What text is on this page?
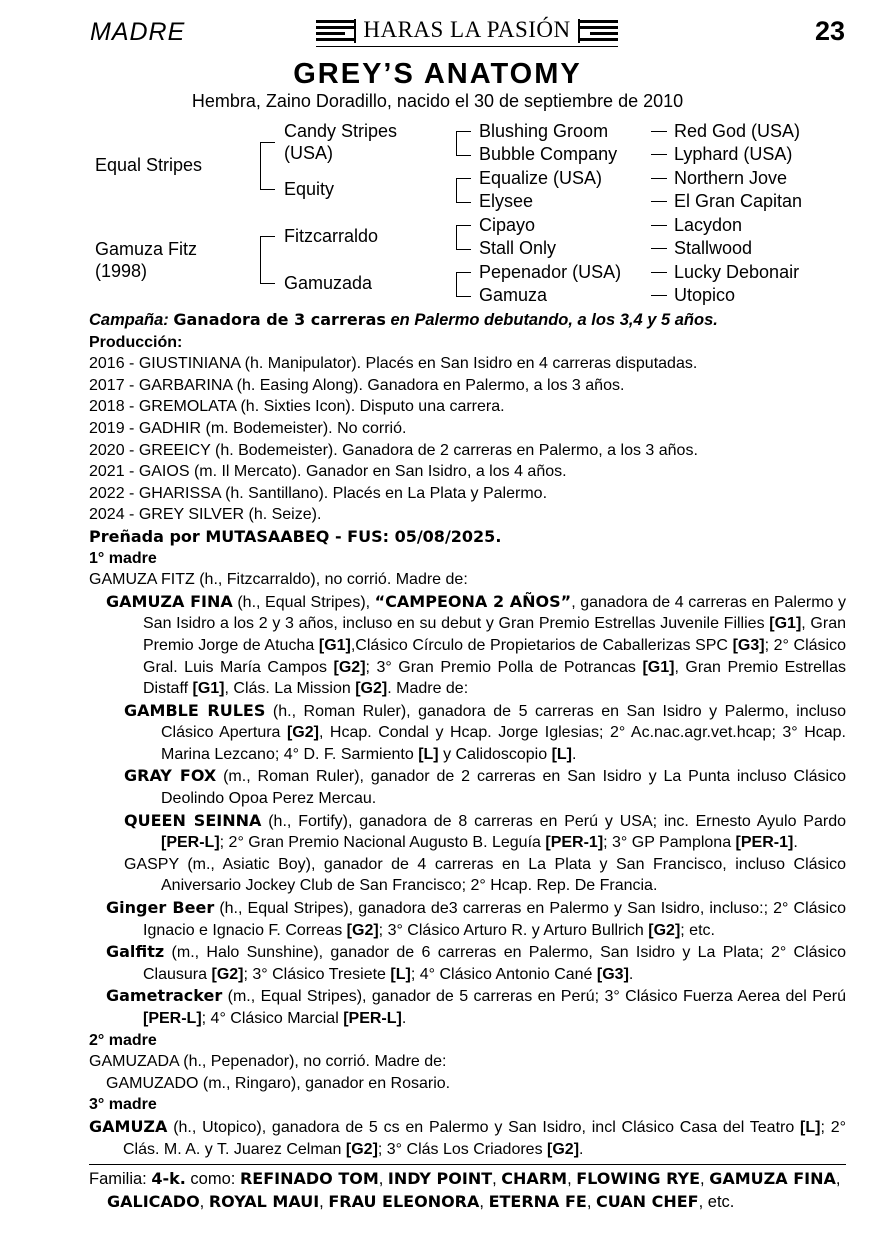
MADRE	HARAS LA PASIÓN	23
GREY’S ANATOMY
Hembra, Zaino Doradillo, nacido el 30 de septiembre de 2010
Equal Stripes
Gamuza Fitz
(1998)
Candy Stripes
(USA)
Equity
Fitzcarraldo
Gamuzada
Blushing Groom
Bubble Company
Equalize (USA)
Elysee
Cipayo
Stall Only
Pepenador (USA)
Gamuza
Red God (USA)
Lyphard (USA)
Northern Jove
El Gran Capitan
Lacydon
Stallwood
Lucky Debonair
Utopico

Campaña: Ganadora de 3 carreras en Palermo debutando, a los 3,4 y 5 años.

Producción:

2016 - GIUSTINIANA (h. Manipulator). Placés en San Isidro en 4 carreras disputadas.

2017 - GARBARINA (h. Easing Along). Ganadora en Palermo, a los 3 años.

2018 - GREMOLATA (h. Sixties Icon). Disputo una carrera.

2019 - GADHIR (m. Bodemeister). No corrió.

2020 - GREEICY (h. Bodemeister). Ganadora de 2 carreras en Palermo, a los 3 años.

2021 - GAIOS (m. Il Mercato). Ganador en San Isidro, a los 4 años.

2022 - GHARISSA (h. Santillano). Placés en La Plata y Palermo.

2024 - GREY SILVER (h. Seize).

Preñada por MUTASAABEQ - FUS: 05/08/2025.

1° madre

GAMUZA FITZ (h., Fitzcarraldo), no corrió. Madre de:

GAMUZA FINA (h., Equal Stripes), “CAMPEONA 2 AÑOS”, ganadora de 4 carreras en Palermo y San Isidro a los 2 y 3 años, incluso en su debut y Gran Premio Estrellas Juvenile Fillies [G1], Gran Premio Jorge de Atucha [G1],Clásico Círculo de Propietarios de Caballerizas SPC [G3]; 2° Clásico Gral. Luis María Campos [G2]; 3° Gran Premio Polla de Potrancas [G1], Gran Premio Estrellas Distaff [G1], Clás. La Mission [G2]. Madre de:

GAMBLE RULES (h., Roman Ruler), ganadora de 5 carreras en San Isidro y Palermo, incluso Clásico Apertura [G2], Hcap. Condal y Hcap. Jorge Iglesias; 2° Ac.nac.agr.vet.hcap; 3° Hcap. Marina Lezcano; 4° D. F. Sarmiento [L] y Calidoscopio [L].

GRAY FOX (m., Roman Ruler), ganador de 2 carreras en San Isidro y La Punta incluso Clásico Deolindo Opoa Perez Mercau.

QUEEN SEINNA (h., Fortify), ganadora de 8 carreras en Perú y USA; inc. Ernesto Ayulo Pardo [PER-L]; 2° Gran Premio Nacional Augusto B. Leguía [PER-1]; 3° GP Pamplona [PER-1].

GASPY (m., Asiatic Boy), ganador de 4 carreras en La Plata y San Francisco, incluso Clásico Aniversario Jockey Club de San Francisco; 2° Hcap. Rep. De Francia.

Ginger Beer (h., Equal Stripes), ganadora de3 carreras en Palermo y San Isidro, incluso:; 2° Clásico Ignacio e Ignacio F. Correas [G2]; 3° Clásico Arturo R. y Arturo Bullrich [G2]; etc.

Galfitz (m., Halo Sunshine), ganador de 6 carreras en Palermo, San Isidro y La Plata; 2° Clásico Clausura [G2]; 3° Clásico Tresiete [L]; 4° Clásico Antonio Cané [G3].

Gametracker (m., Equal Stripes), ganador de 5 carreras en Perú; 3° Clásico Fuerza Aerea del Perú [PER-L]; 4° Clásico Marcial [PER-L].

2° madre

GAMUZADA (h., Pepenador), no corrió. Madre de:

GAMUZADO (m., Ringaro), ganador en Rosario.

3° madre

GAMUZA (h., Utopico), ganadora de 5 cs en Palermo y San Isidro, incl Clásico Casa del Teatro [L]; 2° Clás. M. A. y T. Juarez Celman [G2]; 3° Clás Los Criadores [G2].

Familia: 4-k. como: REFINADO TOM, INDY POINT, CHARM, FLOWING RYE, GAMUZA FINA, GALICADO, ROYAL MAUI, FRAU ELEONORA, ETERNA FE, CUAN CHEF, etc.
